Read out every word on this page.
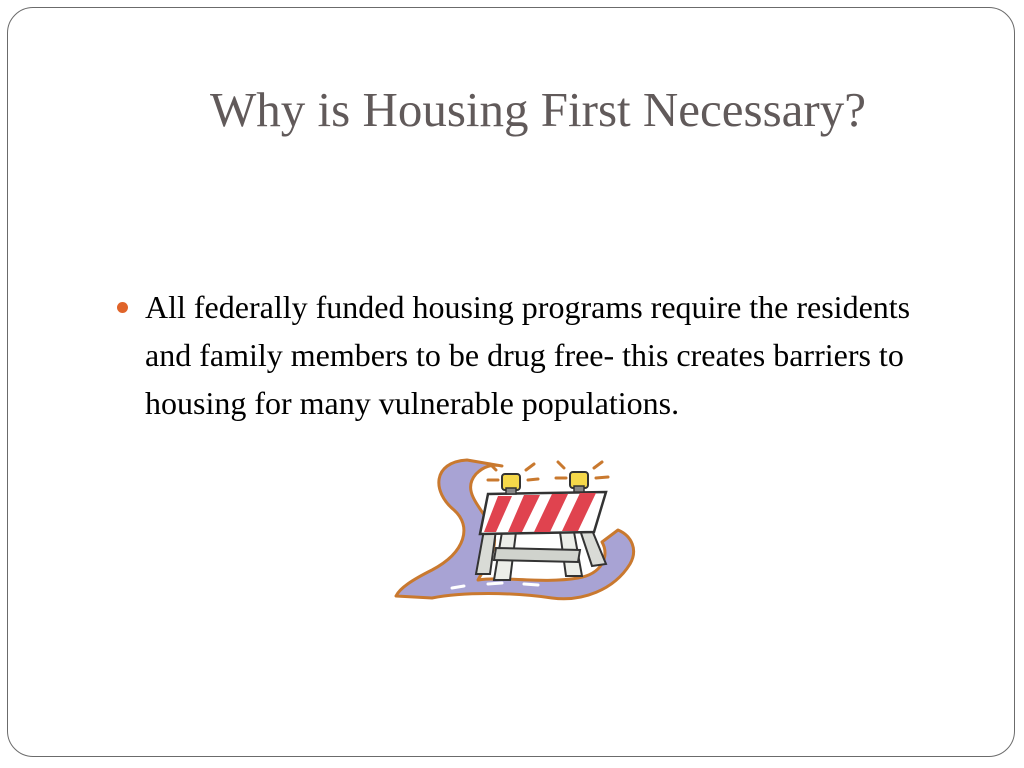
Why is Housing First Necessary?
All federally funded housing programs require the residents and family members to be drug free- this creates barriers to housing for many vulnerable populations.
